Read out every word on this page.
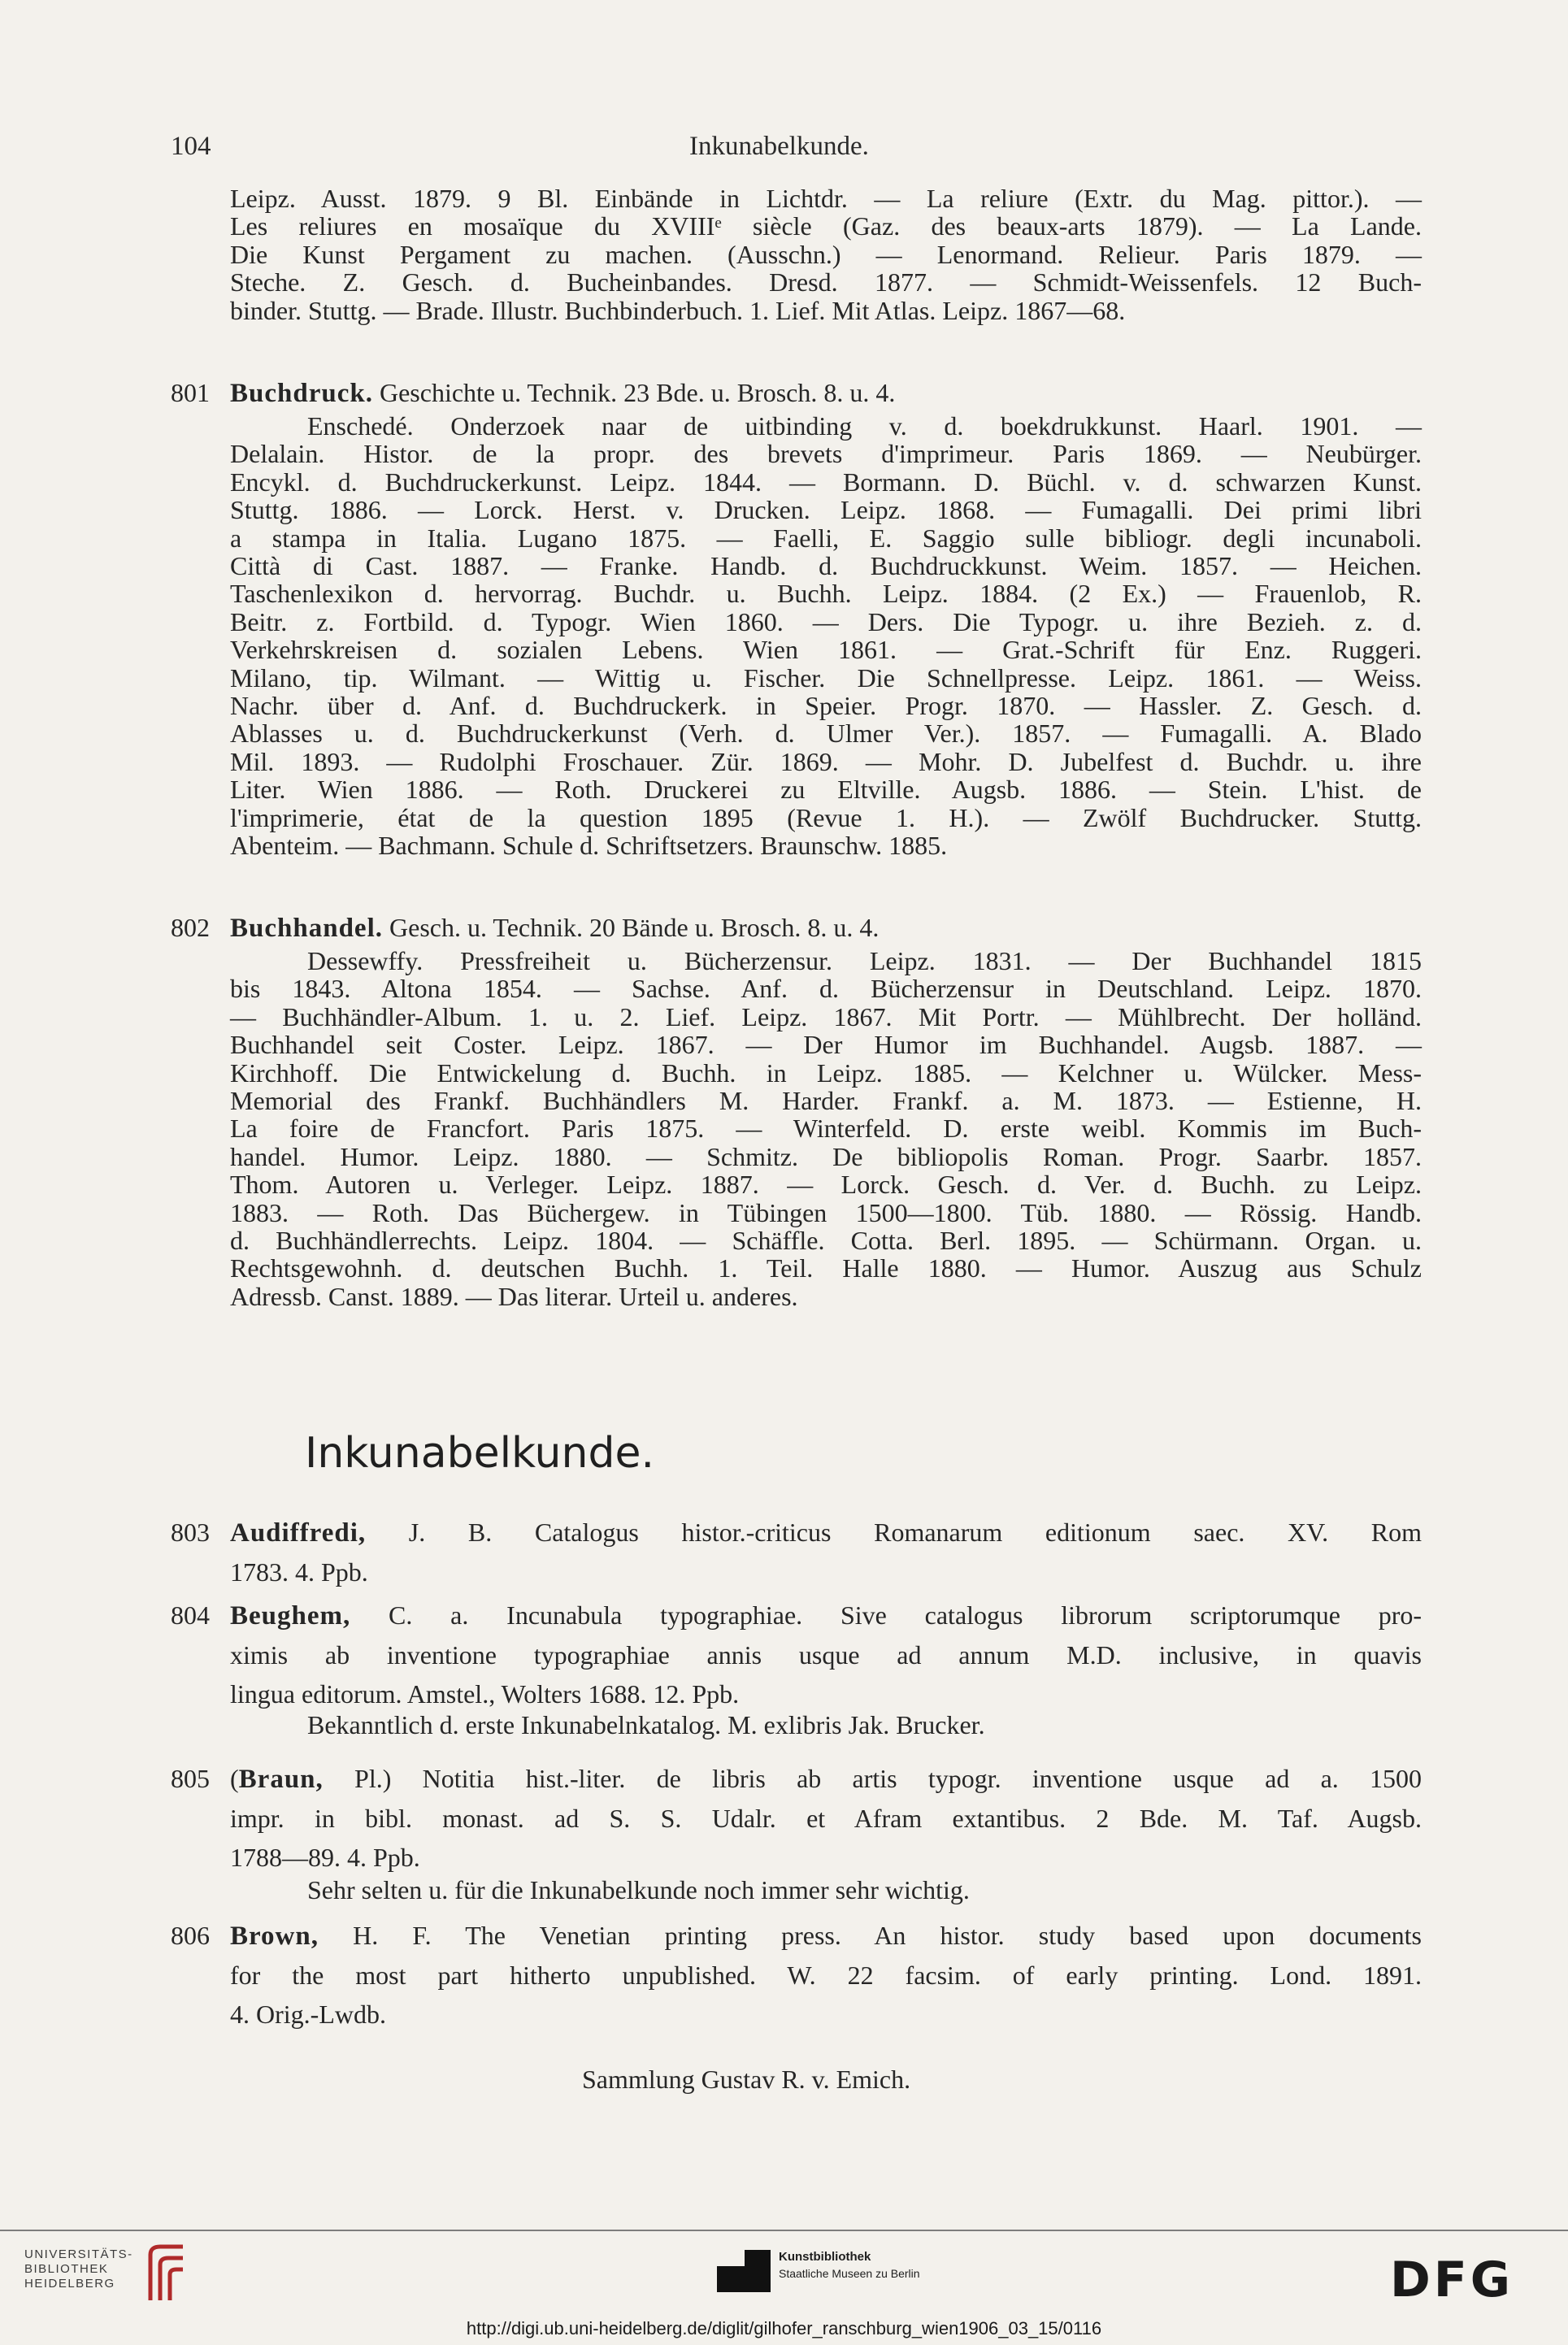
104	Inkunabelkunde.

Leipz. Ausst. 1879. 9 Bl. Einbände in Lichtdr. — La reliure (Extr. du Mag. pittor.). —

Les reliures en mosaïque du XVIIIᵉ siècle (Gaz. des beaux-arts 1879). — La Lande.

Die Kunst Pergament zu machen. (Ausschn.) — Lenormand. Relieur. Paris 1879. —

Steche. Z. Gesch. d. Bucheinbandes. Dresd. 1877. — Schmidt-Weissenfels. 12 Buch-

binder. Stuttg. — Brade. Illustr. Buchbinderbuch. 1. Lief. Mit Atlas. Leipz. 1867—68.

801 Buchdruck. Geschichte u. Technik. 23 Bde. u. Brosch. 8. u. 4.

Enschedé. Onderzoek naar de uitbinding v. d. boekdrukkunst. Haarl. 1901. —

Delalain. Histor. de la propr. des brevets d'imprimeur. Paris 1869. — Neubürger.

Encykl. d. Buchdruckerkunst. Leipz. 1844. — Bormann. D. Büchl. v. d. schwarzen Kunst.

Stuttg. 1886. — Lorck. Herst. v. Drucken. Leipz. 1868. — Fumagalli. Dei primi libri

a stampa in Italia. Lugano 1875. — Faelli, E. Saggio sulle bibliogr. degli incunaboli.

Città di Cast. 1887. — Franke. Handb. d. Buchdruckkunst. Weim. 1857. — Heichen.

Taschenlexikon d. hervorrag. Buchdr. u. Buchh. Leipz. 1884. (2 Ex.) — Frauenlob, R.

Beitr. z. Fortbild. d. Typogr. Wien 1860. — Ders. Die Typogr. u. ihre Bezieh. z. d.

Verkehrskreisen d. sozialen Lebens. Wien 1861. — Grat.-Schrift für Enz. Ruggeri.

Milano, tip. Wilmant. — Wittig u. Fischer. Die Schnellpresse. Leipz. 1861. — Weiss.

Nachr. über d. Anf. d. Buchdruckerk. in Speier. Progr. 1870. — Hassler. Z. Gesch. d.

Ablasses u. d. Buchdruckerkunst (Verh. d. Ulmer Ver.). 1857. — Fumagalli. A. Blado

Mil. 1893. — Rudolphi Froschauer. Zür. 1869. — Mohr. D. Jubelfest d. Buchdr. u. ihre

Liter. Wien 1886. — Roth. Druckerei zu Eltville. Augsb. 1886. — Stein. L'hist. de

l'imprimerie, état de la question 1895 (Revue 1. H.). — Zwölf Buchdrucker. Stuttg.

Abenteim. — Bachmann. Schule d. Schriftsetzers. Braunschw. 1885.

802 Buchhandel. Gesch. u. Technik. 20 Bände u. Brosch. 8. u. 4.

Dessewffy. Pressfreiheit u. Bücherzensur. Leipz. 1831. — Der Buchhandel 1815

bis 1843. Altona 1854. — Sachse. Anf. d. Bücherzensur in Deutschland. Leipz. 1870.

— Buchhändler-Album. 1. u. 2. Lief. Leipz. 1867. Mit Portr. — Mühlbrecht. Der holländ.

Buchhandel seit Coster. Leipz. 1867. — Der Humor im Buchhandel. Augsb. 1887. —

Kirchhoff. Die Entwickelung d. Buchh. in Leipz. 1885. — Kelchner u. Wülcker. Mess-

Memorial des Frankf. Buchhändlers M. Harder. Frankf. a. M. 1873. — Estienne, H.

La foire de Francfort. Paris 1875. — Winterfeld. D. erste weibl. Kommis im Buch-

handel. Humor. Leipz. 1880. — Schmitz. De bibliopolis Roman. Progr. Saarbr. 1857.

Thom. Autoren u. Verleger. Leipz. 1887. — Lorck. Gesch. d. Ver. d. Buchh. zu Leipz.

1883. — Roth. Das Büchergew. in Tübingen 1500—1800. Tüb. 1880. — Rössig. Handb.

d. Buchhändlerrechts. Leipz. 1804. — Schäffle. Cotta. Berl. 1895. — Schürmann. Organ. u.

Rechtsgewohnh. d. deutschen Buchh. 1. Teil. Halle 1880. — Humor. Auszug aus Schulz

Adressb. Canst. 1889. — Das literar. Urteil u. anderes.

Inkunabelkunde.
803 Audiffredi, J. B. Catalogus histor.-criticus Romanarum editionum saec. XV. Rom

1783. 4. Ppb.

804 Beughem, C. a. Incunabula typographiae. Sive catalogus librorum scriptorumque pro-

ximis ab inventione typographiae annis usque ad annum M.D. inclusive, in quavis

lingua editorum. Amstel., Wolters 1688. 12. Ppb.

Bekanntlich d. erste Inkunabelnkatalog. M. exlibris Jak. Brucker.
805 (Braun, Pl.) Notitia hist.-liter. de libris ab artis typogr. inventione usque ad a. 1500

impr. in bibl. monast. ad S. S. Udalr. et Afram extantibus. 2 Bde. M. Taf. Augsb.

1788—89. 4. Ppb.

Sehr selten u. für die Inkunabelkunde noch immer sehr wichtig.
806 Brown, H. F. The Venetian printing press. An histor. study based upon documents

for the most part hitherto unpublished. W. 22 facsim. of early printing. Lond. 1891.

4. Orig.-Lwdb.

Sammlung Gustav R. v. Emich.
UNIVERSITÄTS-
BIBLIOTHEK
HEIDELBERG
Kunstbibliothek
Staatliche Museen zu Berlin	DFG
http://digi.ub.uni-heidelberg.de/diglit/gilhofer_ranschburg_wien1906_03_15/0116
